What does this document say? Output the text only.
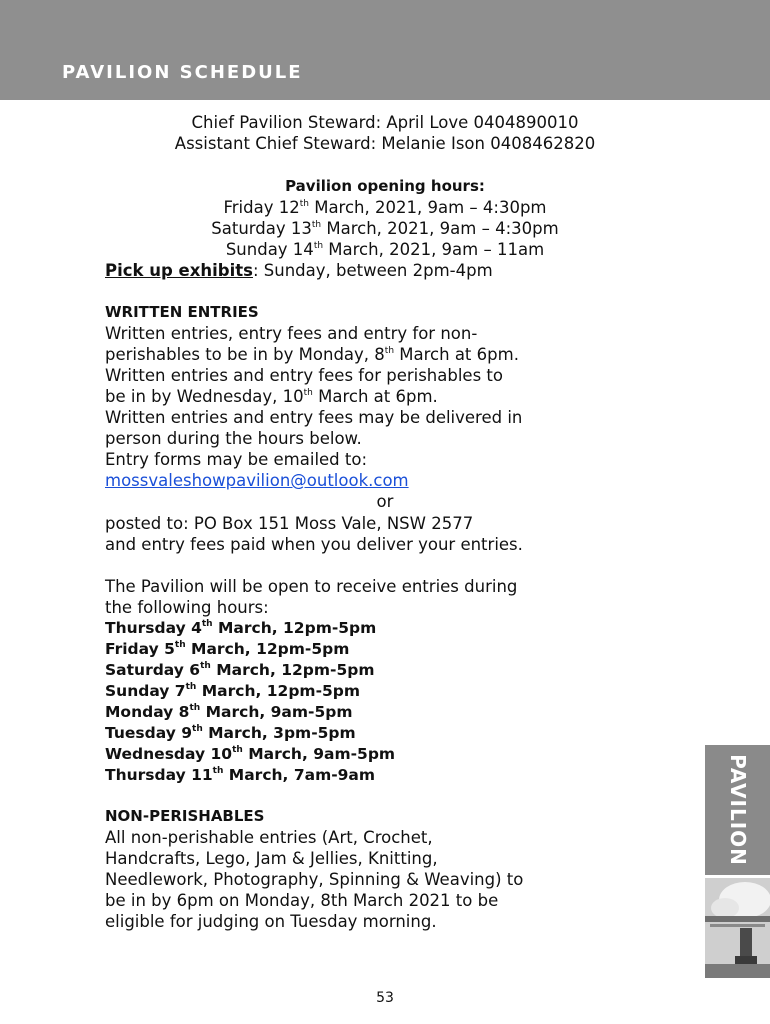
PAVILION SCHEDULE
Chief Pavilion Steward: April Love 0404890010
Assistant Chief Steward: Melanie Ison 0408462820
Pavilion opening hours:
Friday 12th March, 2021, 9am – 4:30pm
Saturday 13th March, 2021, 9am – 4:30pm
Sunday 14th March, 2021, 9am – 11am
Pick up exhibits: Sunday, between 2pm-4pm
WRITTEN ENTRIES
Written entries, entry fees and entry for non-
perishables to be in by Monday, 8th March at 6pm.
Written entries and entry fees for perishables to
be in by Wednesday, 10th March at 6pm.
Written entries and entry fees may be delivered in
person during the hours below.
Entry forms may be emailed to:
mossvaleshowpavilion@outlook.com
or
posted to: PO Box 151 Moss Vale, NSW 2577
and entry fees paid when you deliver your entries.
The Pavilion will be open to receive entries during
the following hours:
Thursday 4th March, 12pm-5pm
Friday 5th March, 12pm-5pm
Saturday 6th March, 12pm-5pm
Sunday 7th March, 12pm-5pm
Monday 8th March, 9am-5pm
Tuesday 9th March, 3pm-5pm
Wednesday 10th March, 9am-5pm
Thursday 11th March, 7am-9am
NON-PERISHABLES
All non-perishable entries (Art, Crochet,
Handcrafts, Lego, Jam & Jellies, Knitting,
Needlework, Photography, Spinning & Weaving) to
be in by 6pm on Monday, 8th March 2021 to be
eligible for judging on Tuesday morning.
PAVILION
53
